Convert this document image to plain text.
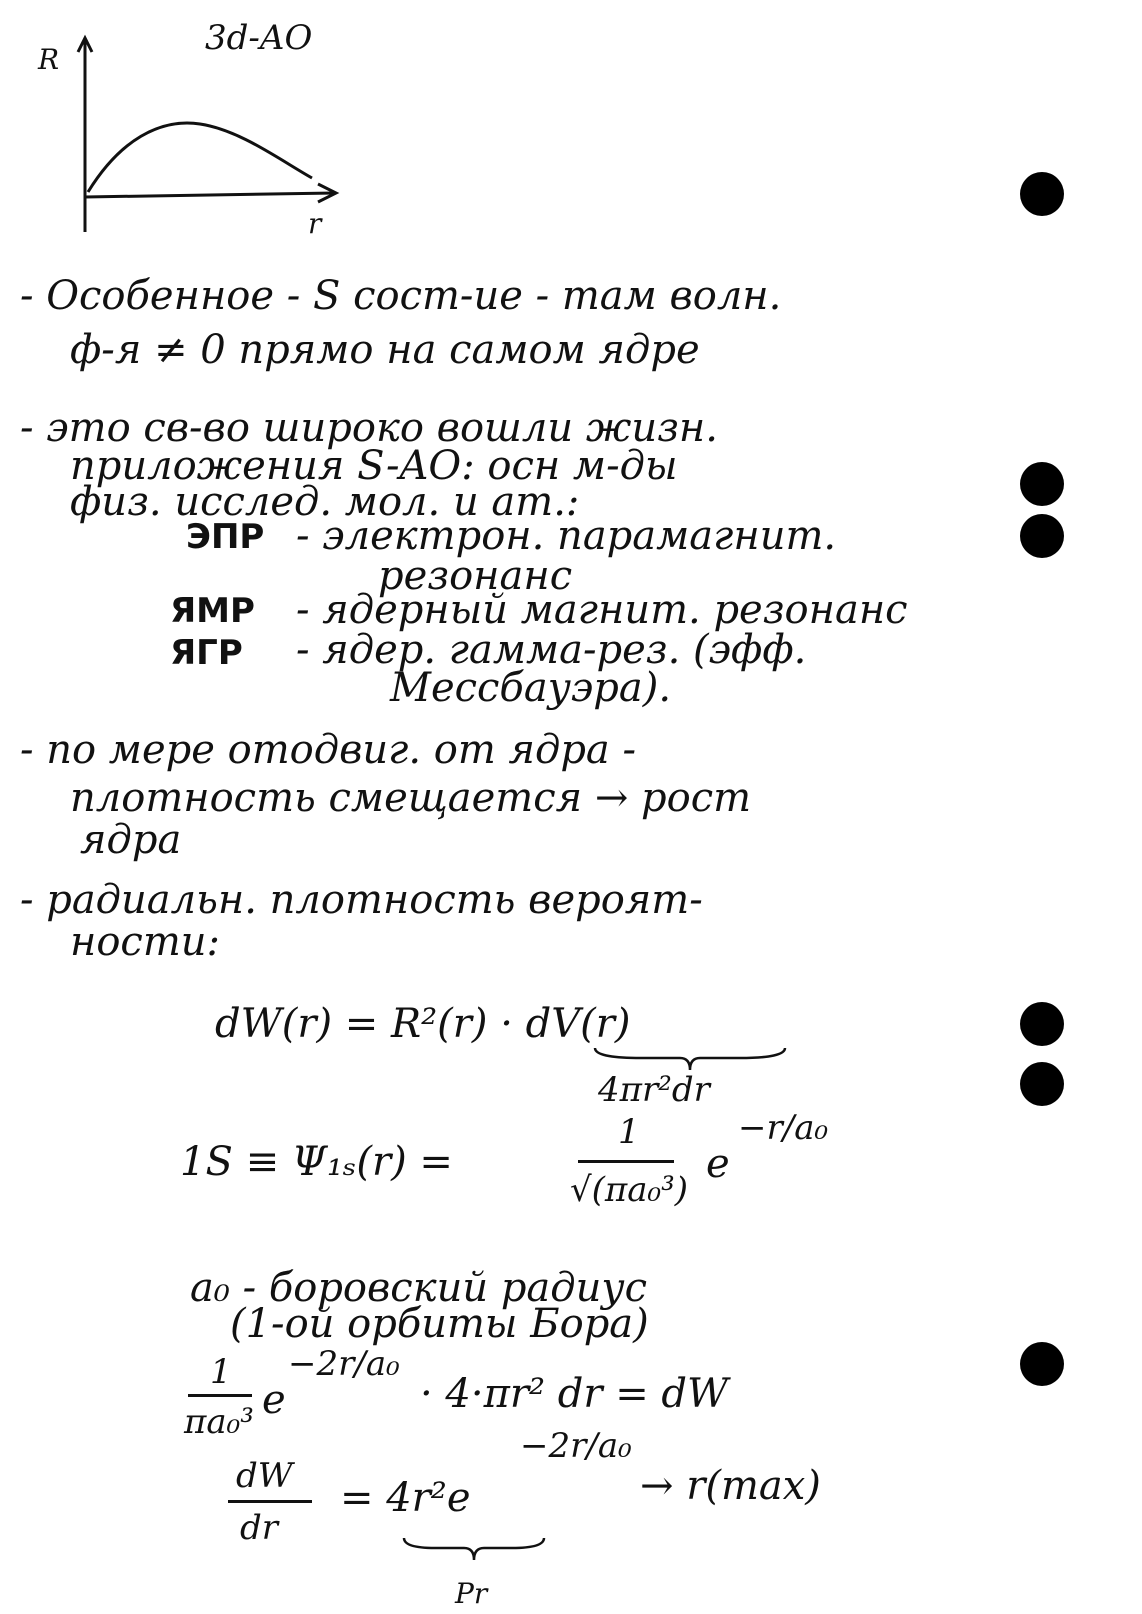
3d-AO
R
r
- Особенное - S сост-ие - там волн.
ф-я ≠ 0 прямо на самом ядре
- это св-во широко вошли жизн.
приложения S-AO: осн м-ды
физ. исслед. мол. и ат.:
ЭПР - электрон. парамагнит.
резонанс
ЯМР - ядерный магнит. резонанс
ЯГР - ядер. гамма-рез. (эфф.
Мессбауэра).
- по мере отодвиг. от ядра -
плотность смещается → рост
ядра
- радиальн. плотность вероят-
ности:
dW(r) = R²(r) · dV(r)
4πr²dr
1S ≡ Ψ₁ₛ(r) =
1
√(πa₀³)
e
−r/a₀
a₀ - боровский радиус
(1-ой орбиты Бора)
1
πa₀³ e
−2r/a₀
· 4·πr² dr = dW
dW
dr
= 4r²e
−2r/a₀
→ r(max)
Pr
